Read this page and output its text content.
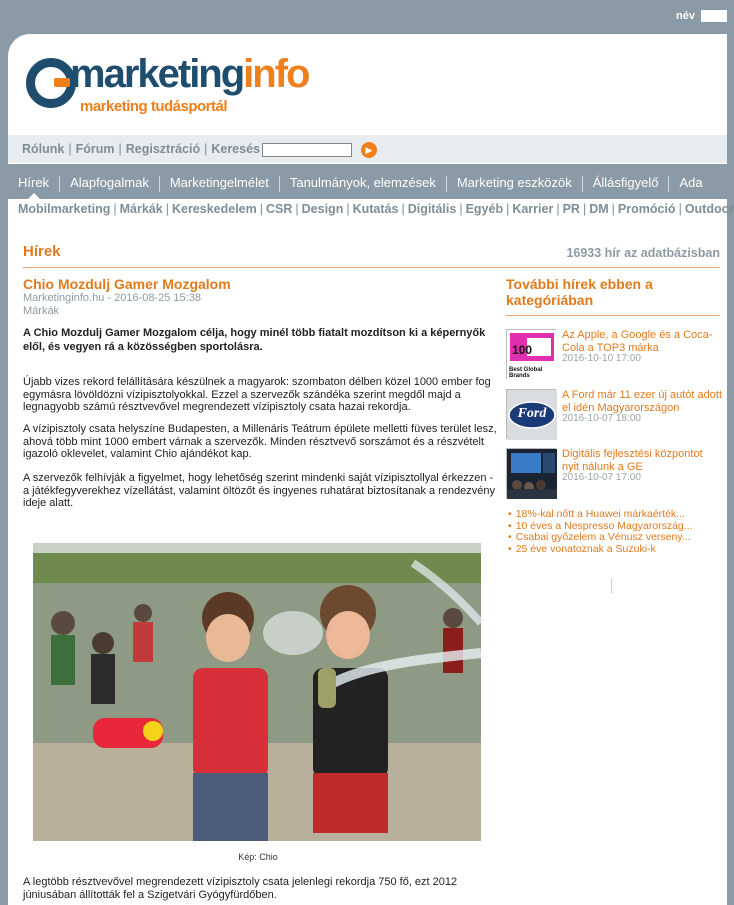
név
marketinginfo
marketing tudásportál
Rólunk | Fórum | Regisztráció | Keresés	▶
Hírek Alapfogalmak Marketingelmélet Tanulmányok, elemzések Marketing eszközök Állásfigyelő Ada
Mobilmarketing | Márkák | Kereskedelem | CSR | Design | Kutatás | Digitális | Egyéb | Karrier | PR | DM | Promóció | Outdoor
Hírek	16933 hír az adatbázisban
Chio Mozdulj Gamer Mozgalom
Marketinginfo.hu - 2016-08-25 15:38
Márkák
A Chio Mozdulj Gamer Mozgalom célja, hogy minél több fiatalt mozdítson ki a képernyők elől, és vegyen rá a közösségben sportolásra.
Újabb vizes rekord felállítására készülnek a magyarok: szombaton délben közel 1000 ember fog egymásra lövöldözni vízipisztolyokkal. Ezzel a szervezők szándéka szerint megdől majd a legnagyobb számú résztvevővel megrendezett vízipisztoly csata hazai rekordja.
A vízipisztoly csata helyszíne Budapesten, a Millenáris Teátrum épülete melletti füves terület lesz, ahová több mint 1000 embert várnak a szervezők. Minden résztvevő sorszámot és a részvételt igazoló oklevelet, valamint Chio ajándékot kap.
A szervezők felhívják a figyelmet, hogy lehetőség szerint mindenki saját vízipisztollyal érkezzen - a játékfegyverekhez vízellátást, valamint öltözőt és ingyenes ruhatárat biztosítanak a rendezvény ideje alatt.
Kép: Chio
A legtöbb résztvevővel megrendezett vízipisztoly csata jelenlegi rekordja 750 fő, ezt 2012 júniusában állították fel a Szigetvári Gyógyfürdőben.
További hírek ebben a kategóriában
100
Best Global Brands
Az Apple, a Google és a Coca-Cola a TOP3 márka
2016-10-10 17:00
Ford
A Ford már 11 ezer új autót adott el idén Magyarországon
2016-10-07 18:00
Digitális fejlesztési központot nyit nálunk a GE
2016-10-07 17:00
• 18%-kal nőtt a Huawei márkaérték...
• 10 éves a Nespresso Magyarország...
• Csabai győzelem a Vénusz verseny...
• 25 éve vonatoznak a Suzuki-k
